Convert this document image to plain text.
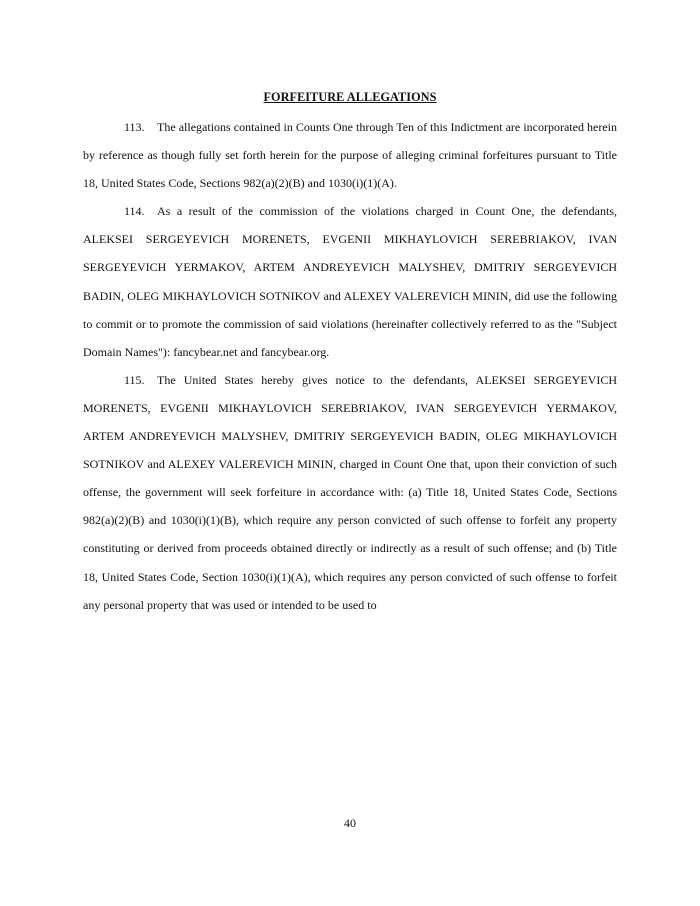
FORFEITURE ALLEGATIONS

113. The allegations contained in Counts One through Ten of this Indictment are incorporated herein by reference as though fully set forth herein for the purpose of alleging criminal forfeitures pursuant to Title 18, United States Code, Sections 982(a)(2)(B) and 1030(i)(1)(A).

114. As a result of the commission of the violations charged in Count One, the defendants, ALEKSEI SERGEYEVICH MORENETS, EVGENII MIKHAYLOVICH SEREBRIAKOV, IVAN SERGEYEVICH YERMAKOV, ARTEM ANDREYEVICH MALYSHEV, DMITRIY SERGEYEVICH BADIN, OLEG MIKHAYLOVICH SOTNIKOV and ALEXEY VALEREVICH MININ, did use the following to commit or to promote the commission of said violations (hereinafter collectively referred to as the "Subject Domain Names"): fancybear.net and fancybear.org.

115. The United States hereby gives notice to the defendants, ALEKSEI SERGEYEVICH MORENETS, EVGENII MIKHAYLOVICH SEREBRIAKOV, IVAN SERGEYEVICH YERMAKOV, ARTEM ANDREYEVICH MALYSHEV, DMITRIY SERGEYEVICH BADIN, OLEG MIKHAYLOVICH SOTNIKOV and ALEXEY VALEREVICH MININ, charged in Count One that, upon their conviction of such offense, the government will seek forfeiture in accordance with: (a) Title 18, United States Code, Sections 982(a)(2)(B) and 1030(i)(1)(B), which require any person convicted of such offense to forfeit any property constituting or derived from proceeds obtained directly or indirectly as a result of such offense; and (b) Title 18, United States Code, Section 1030(i)(1)(A), which requires any person convicted of such offense to forfeit any personal property that was used or intended to be used to

40
